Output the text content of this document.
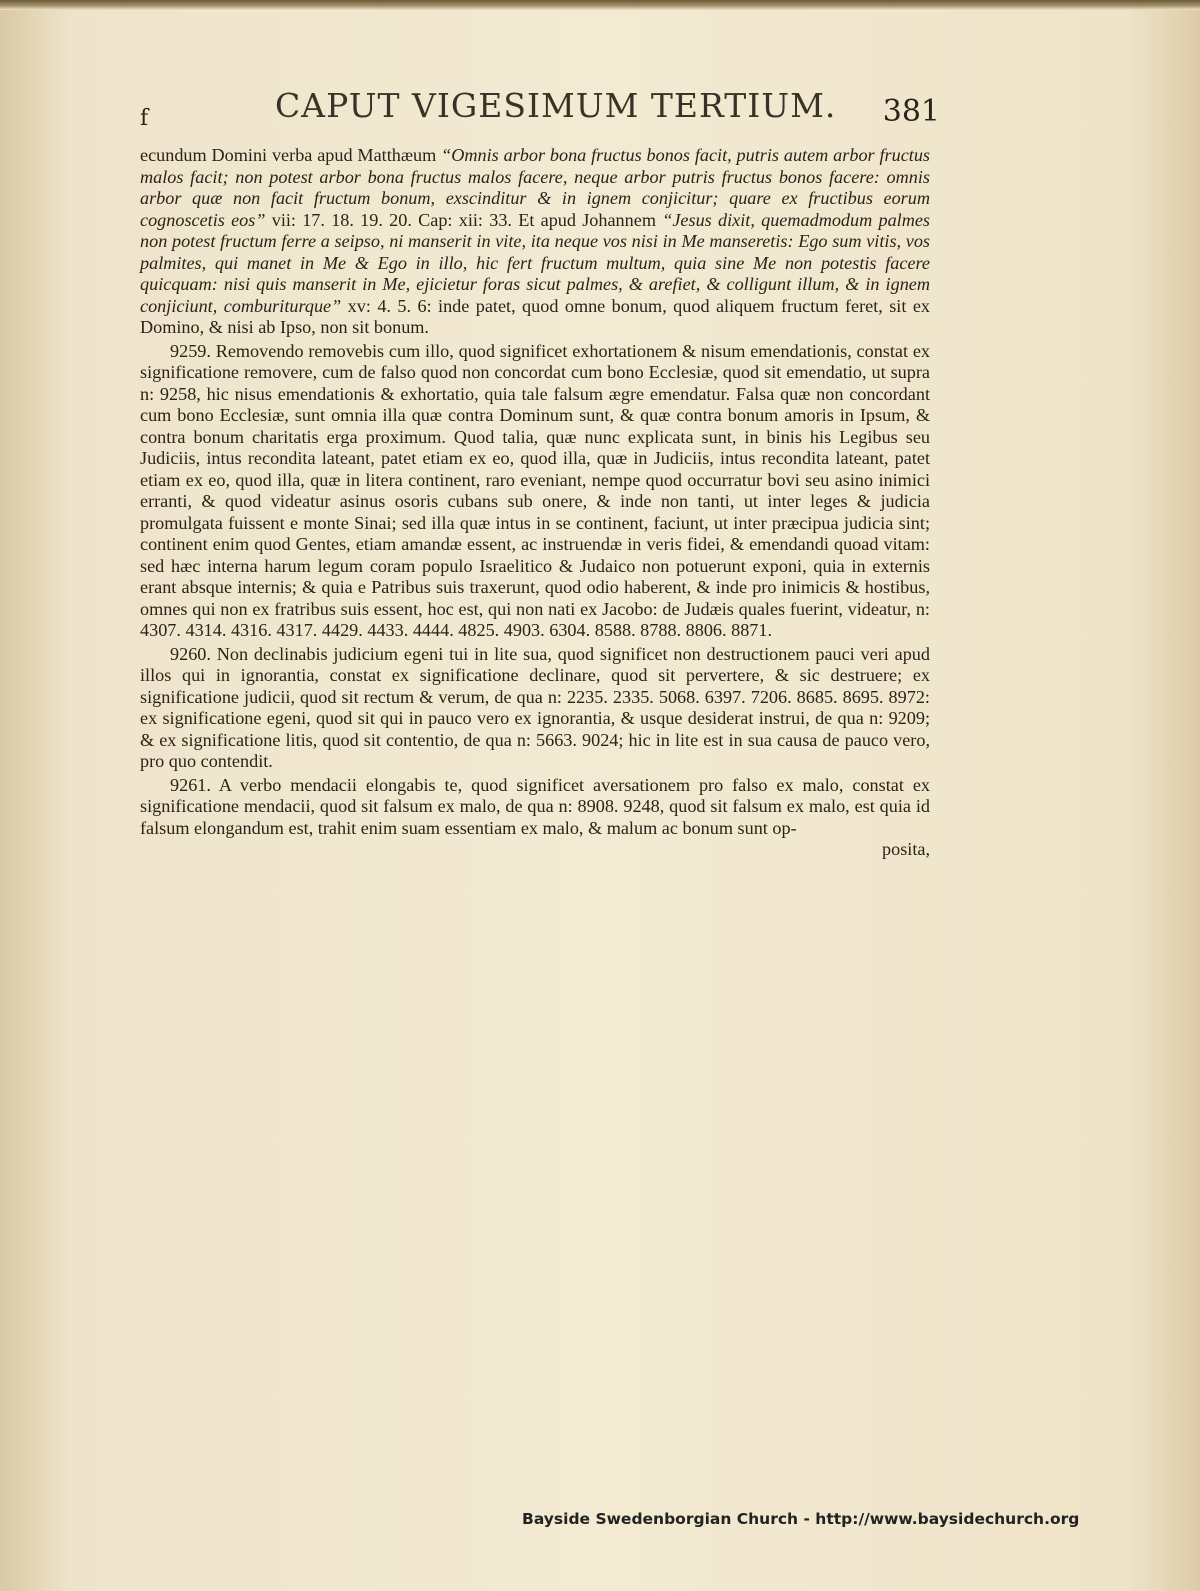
f	CAPUT VIGESIMUM TERTIUM. 381

ecundum Domini verba apud Matthæum “Omnis arbor bona fructus bonos facit, putris autem arbor fructus malos facit; non potest arbor bona fructus malos facere, neque arbor putris fructus bonos facere: omnis arbor quæ non facit fructum bonum, exscinditur & in ignem conjicitur; quare ex fructibus eorum cognoscetis eos” vii: 17. 18. 19. 20. Cap: xii: 33. Et apud Johannem “Jesus dixit, quemadmodum palmes non potest fructum ferre a seipso, ni manserit in vite, ita neque vos nisi in Me manseretis: Ego sum vitis, vos palmites, qui manet in Me & Ego in illo, hic fert fructum multum, quia sine Me non potestis facere quicquam: nisi quis manserit in Me, ejicietur foras sicut palmes, & arefiet, & colligunt illum, & in ignem conjiciunt, comburiturque” xv: 4. 5. 6: inde patet, quod omne bonum, quod aliquem fructum feret, sit ex Domino, & nisi ab Ipso, non sit bonum.

9259. Removendo removebis cum illo, quod significet exhortationem & nisum emendationis, constat ex significatione removere, cum de falso quod non concordat cum bono Ecclesiæ, quod sit emendatio, ut supra n: 9258, hic nisus emendationis & exhortatio, quia tale falsum ægre emendatur. Falsa quæ non concordant cum bono Ecclesiæ, sunt omnia illa quæ contra Dominum sunt, & quæ contra bonum amoris in Ipsum, & contra bonum charitatis erga proximum. Quod talia, quæ nunc explicata sunt, in binis his Legibus seu Judiciis, intus recondita lateant, patet etiam ex eo, quod illa, quæ in Judiciis, intus recondita lateant, patet etiam ex eo, quod illa, quæ in litera continent, raro eveniant, nempe quod occurratur bovi seu asino inimici erranti, & quod videatur asinus osoris cubans sub onere, & inde non tanti, ut inter leges & judicia promulgata fuissent e monte Sinai; sed illa quæ intus in se continent, faciunt, ut inter præcipua judicia sint; continent enim quod Gentes, etiam amandæ essent, ac instruendæ in veris fidei, & emendandi quoad vitam: sed hæc interna harum legum coram populo Israelitico & Judaico non potuerunt exponi, quia in externis erant absque internis; & quia e Patribus suis traxerunt, quod odio haberent, & inde pro inimicis & hostibus, omnes qui non ex fratribus suis essent, hoc est, qui non nati ex Jacobo: de Judæis quales fuerint, videatur, n: 4307. 4314. 4316. 4317. 4429. 4433. 4444. 4825. 4903. 6304. 8588. 8788. 8806. 8871.

9260. Non declinabis judicium egeni tui in lite sua, quod significet non destructionem pauci veri apud illos qui in ignorantia, constat ex significatione declinare, quod sit pervertere, & sic destruere; ex significatione judicii, quod sit rectum & verum, de qua n: 2235. 2335. 5068. 6397. 7206. 8685. 8695. 8972: ex significatione egeni, quod sit qui in pauco vero ex ignorantia, & usque desiderat instrui, de qua n: 9209; & ex significatione litis, quod sit contentio, de qua n: 5663. 9024; hic in lite est in sua causa de pauco vero, pro quo contendit.

9261. A verbo mendacii elongabis te, quod significet aversationem pro falso ex malo, constat ex significatione mendacii, quod sit falsum ex malo, de qua n: 8908. 9248, quod sit falsum ex malo, est quia id falsum elongandum est, trahit enim suam essentiam ex malo, & malum ac bonum sunt op-

posita,

Bayside Swedenborgian Church - http://www.baysidechurch.org
